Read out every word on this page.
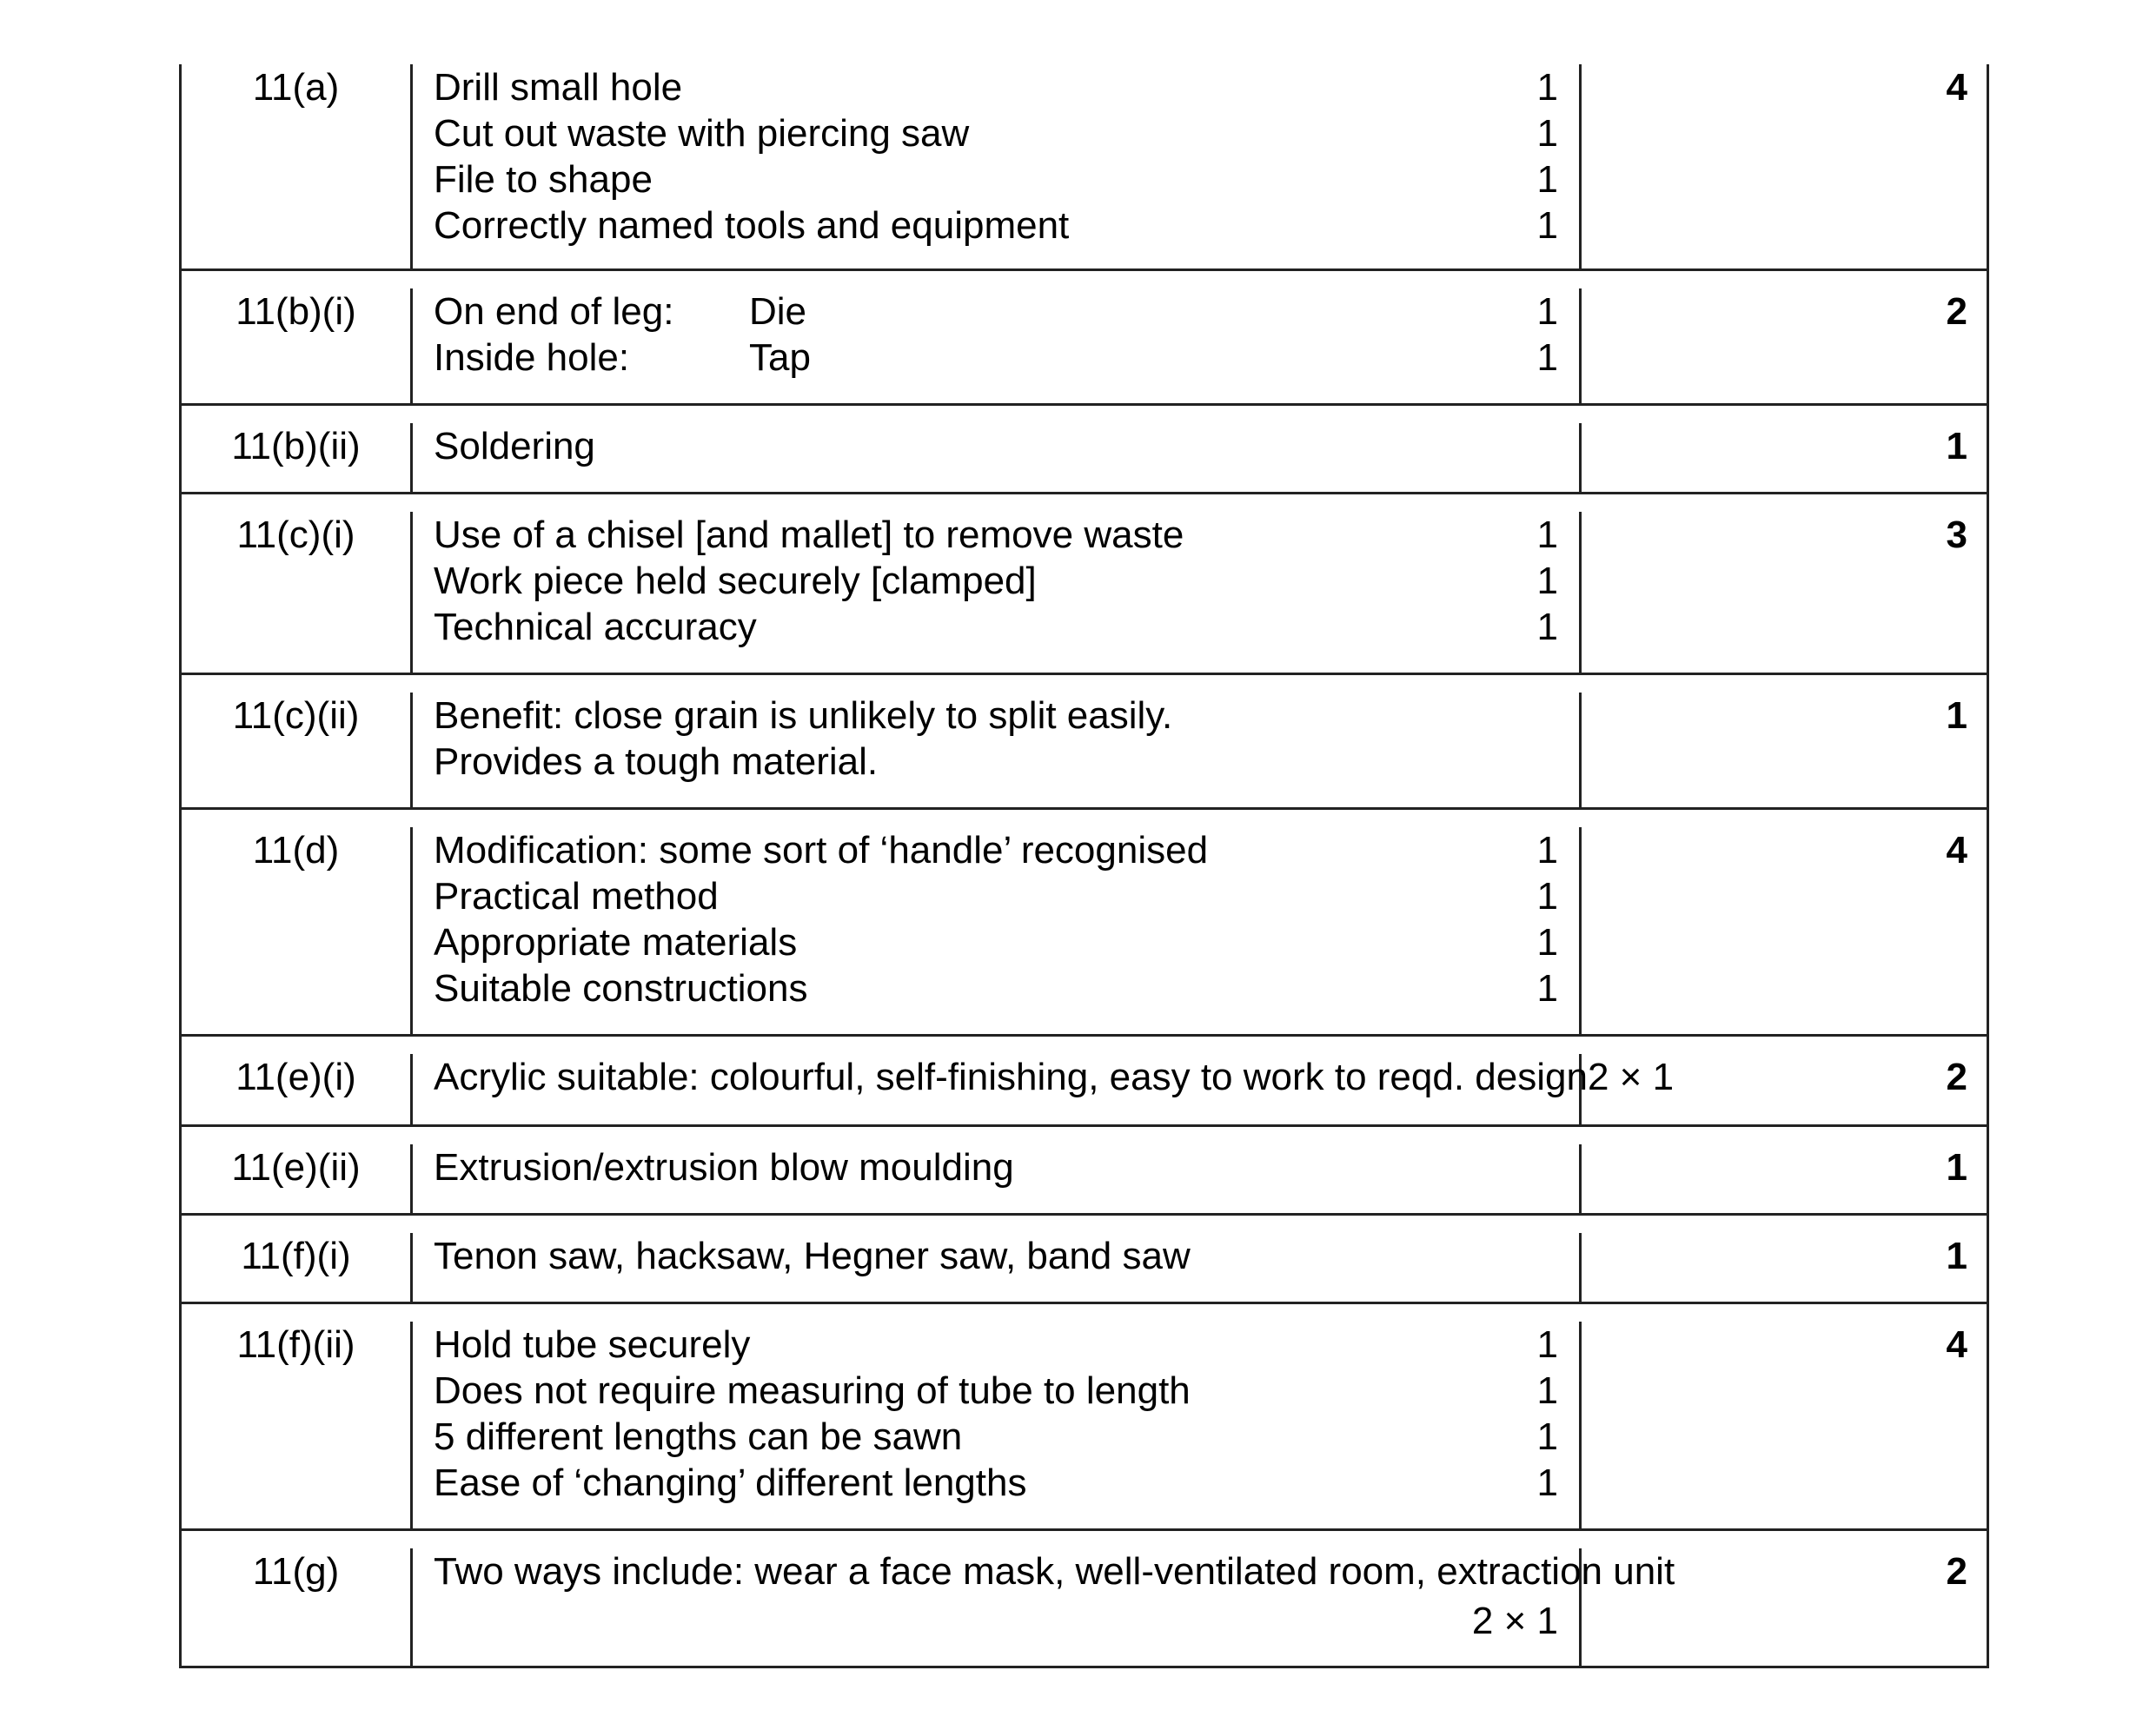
11(a)	Drill small hole	1
Cut out waste with piercing saw	1
File to shape	1
Correctly named tools and equipment	1
4
11(b)(i)	On end of leg: Die	1
Inside hole:	Tap	1
2
11(b)(ii)	Soldering	1
11(c)(i)	Use of a chisel [and mallet] to remove waste	1
Work piece held securely [clamped]	1
Technical accuracy	1
3
11(c)(ii)	Benefit: close grain is unlikely to split easily.
Provides a tough material.
1
11(d)	Modification: some sort of ‘handle’ recognised	1
Practical method	1
Appropriate materials	1
Suitable constructions	1
4
11(e)(i)	Acrylic suitable: colourful, self-finishing, easy to work to reqd. design 2 × 1	2
11(e)(ii)	Extrusion/extrusion blow moulding	1
11(f)(i)	Tenon saw, hacksaw, Hegner saw, band saw	1
11(f)(ii)	Hold tube securely	1
Does not require measuring of tube to length	1
5 different lengths can be sawn	1
Ease of ‘changing’ different lengths	1
4
11(g)	Two ways include: wear a face mask, well-ventilated room, extraction unit
2 × 1
2
